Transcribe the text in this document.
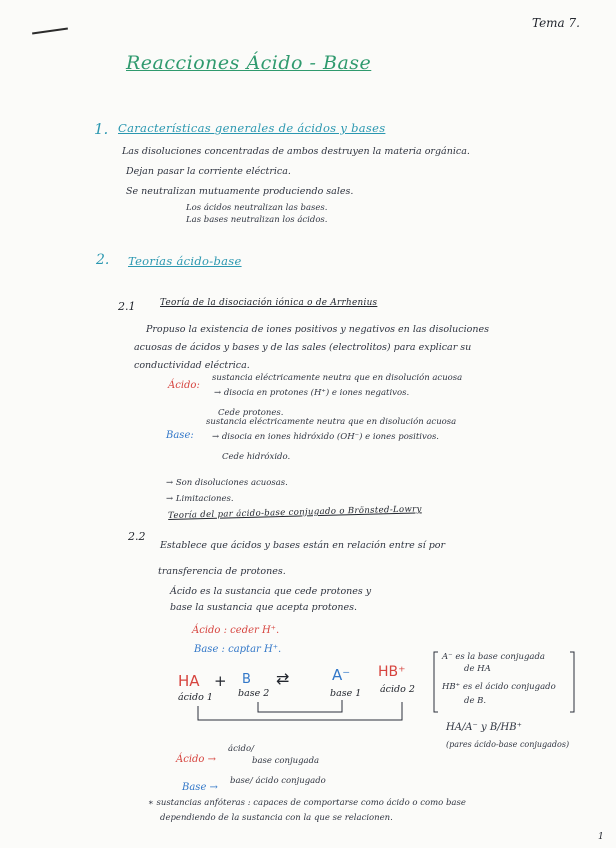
Tema 7.
1
Reacciones Ácido - Base
1. Características generales de ácidos y bases
Las disoluciones concentradas de ambos destruyen la materia orgánica.
Dejan pasar la corriente eléctrica.
Se neutralizan mutuamente produciendo sales.
Los ácidos neutralizan las bases.
Las bases neutralizan los ácidos.
2. Teorías ácido-base
2.1	Teoría de la disociación iónica o de Arrhenius
Propuso la existencia de iones positivos y negativos en las disoluciones
acuosas de ácidos y bases y de las sales (electrolitos) para explicar su
conductividad eléctrica.
Ácido:
sustancia eléctricamente neutra que en disolución acuosa
→ disocia en protones (H⁺) e iones negativos.
Cede protones.
Base:
sustancia eléctricamente neutra que en disolución acuosa
→ disocia en iones hidróxido (OH⁻) e iones positivos.
Cede hidróxido.
→ Son disoluciones acuosas.
→ Limitaciones.
2.2
Teoría del par ácido-base conjugado o Brönsted-Lowry
Establece que ácidos y bases están en relación entre sí por
transferencia de protones.
Ácido es la sustancia que cede protones y
base la sustancia que acepta protones.
Ácido : ceder H⁺.
Base : captar H⁺.
HA + B ⇄	A⁻ HB⁺
ácido 1	base 2	base 1 ácido 2
A⁻ es la base conjugada
de HA
HB⁺ es el ácido conjugado
de B.
HA/A⁻ y B/HB⁺
(pares ácido-base conjugados)
Ácido →
ácido/
base conjugada
Base →
base/ ácido conjugado
∗ sustancias anfóteras : capaces de comportarse como ácido o como base
dependiendo de la sustancia con la que se relacionen.
